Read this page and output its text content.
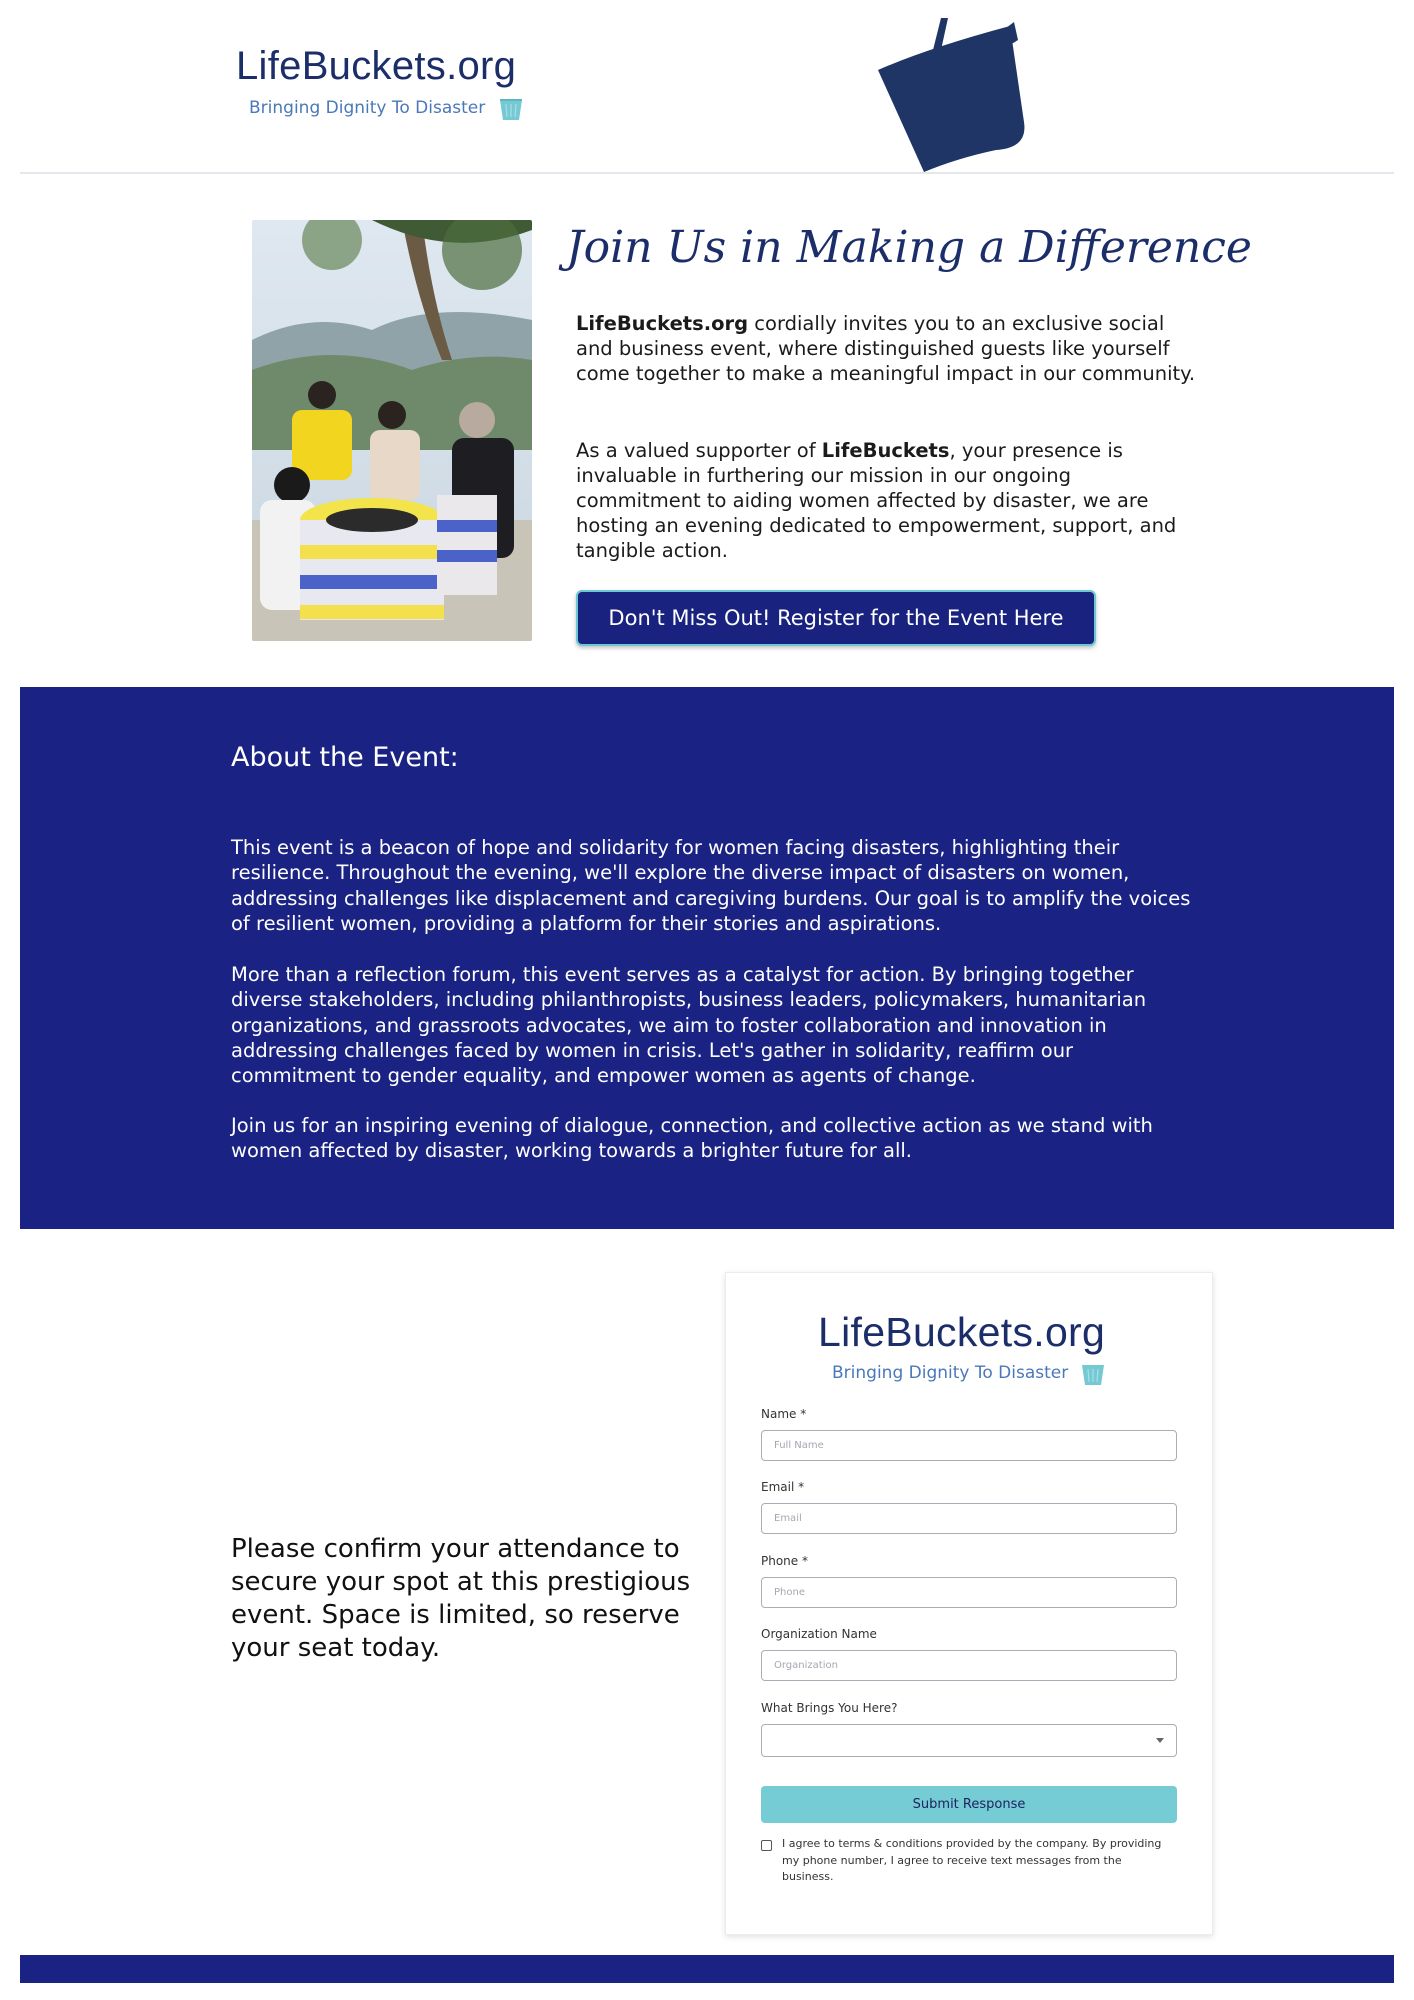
LifeBuckets.org
Bringing Dignity To Disaster
Join Us in Making a Difference
LifeBuckets.org cordially invites you to an exclusive social and business event, where distinguished guests like yourself come together to make a meaningful impact in our community.
As a valued supporter of LifeBuckets, your presence is invaluable in furthering our mission in our ongoing commitment to aiding women affected by disaster, we are hosting an evening dedicated to empowerment, support, and tangible action.
Don't Miss Out! Register for the Event Here
About the Event:

This event is a beacon of hope and solidarity for women facing disasters, highlighting their resilience. Throughout the evening, we'll explore the diverse impact of disasters on women, addressing challenges like displacement and caregiving burdens. Our goal is to amplify the voices of resilient women, providing a platform for their stories and aspirations.

More than a reflection forum, this event serves as a catalyst for action. By bringing together diverse stakeholders, including philanthropists, business leaders, policymakers, humanitarian organizations, and grassroots advocates, we aim to foster collaboration and innovation in addressing challenges faced by women in crisis. Let's gather in solidarity, reaffirm our commitment to gender equality, and empower women as agents of change.

Join us for an inspiring evening of dialogue, connection, and collective action as we stand with women affected by disaster, working towards a brighter future for all.

Please confirm your attendance to secure your spot at this prestigious event. Space is limited, so reserve your seat today.
LifeBuckets.org
Bringing Dignity To Disaster
Name *
Full Name
Email *
Email
Phone *
Phone
Organization Name
Organization
What Brings You Here?
Submit Response
I agree to terms & conditions provided by the company. By providing my phone number, I agree to receive text messages from the business.
